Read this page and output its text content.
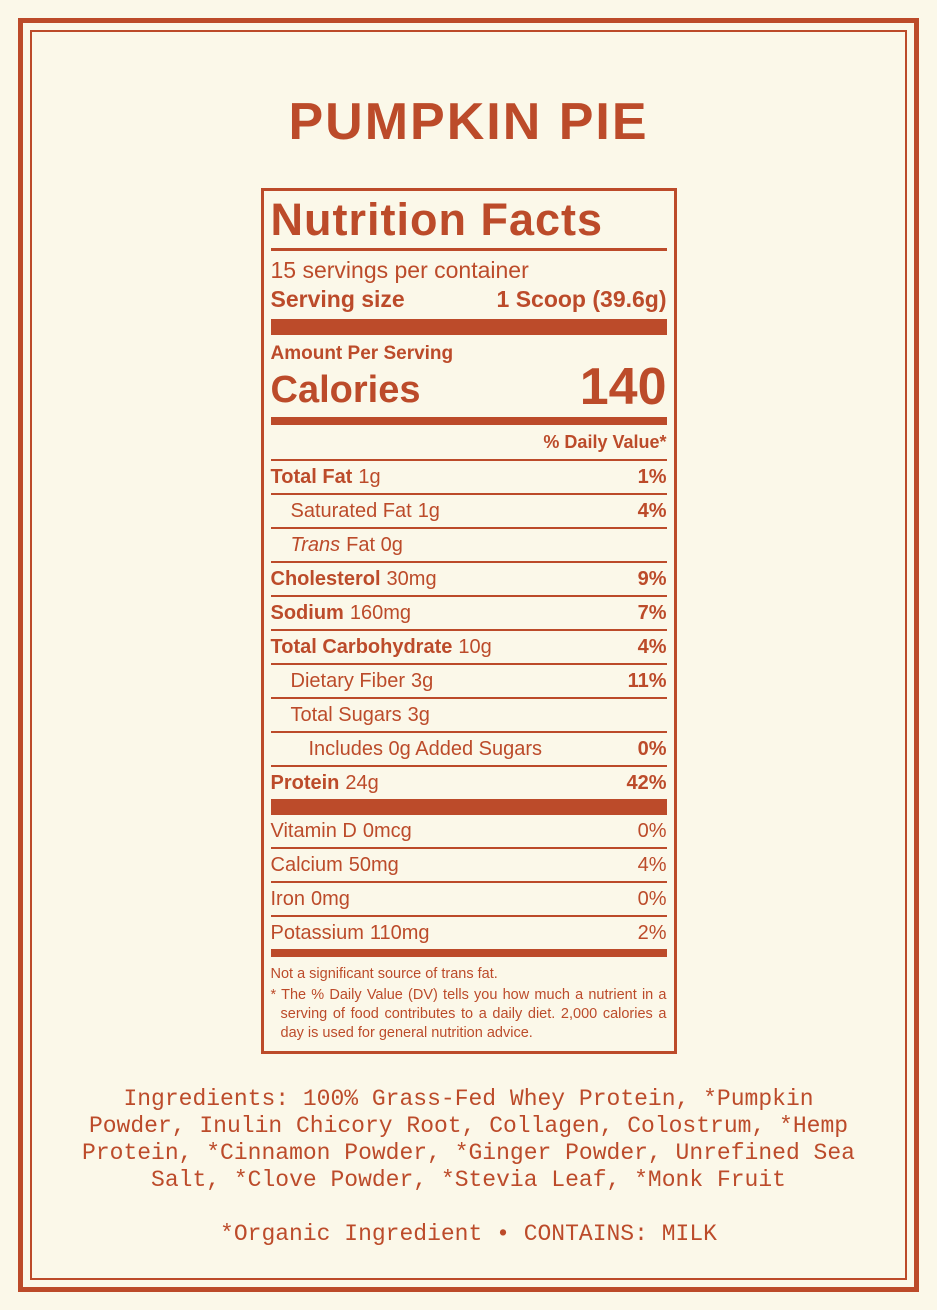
PUMPKIN PIE
Nutrition Facts
15 servings per container
Serving size	1 Scoop (39.6g)
Amount Per Serving
Calories	140
% Daily Value*
Total Fat 1g	1%
Saturated Fat 1g	4%
Trans Fat 0g
Cholesterol 30mg	9%
Sodium 160mg	7%
Total Carbohydrate 10g	4%
Dietary Fiber 3g	11%
Total Sugars 3g
Includes 0g Added Sugars	0%
Protein 24g	42%
Vitamin D 0mcg	0%
Calcium 50mg	4%
Iron 0mg	0%
Potassium 110mg	2%
Not a significant source of trans fat.
* The % Daily Value (DV) tells you how much a nutrient in a serving of food contributes to a daily diet. 2,000 calories a day is used for general nutrition advice.
Ingredients: 100% Grass-Fed Whey Protein, *Pumpkin
Powder, Inulin Chicory Root, Collagen, Colostrum, *Hemp
Protein, *Cinnamon Powder, *Ginger Powder, Unrefined Sea
Salt, *Clove Powder, *Stevia Leaf, *Monk Fruit
*Organic Ingredient • CONTAINS: MILK
